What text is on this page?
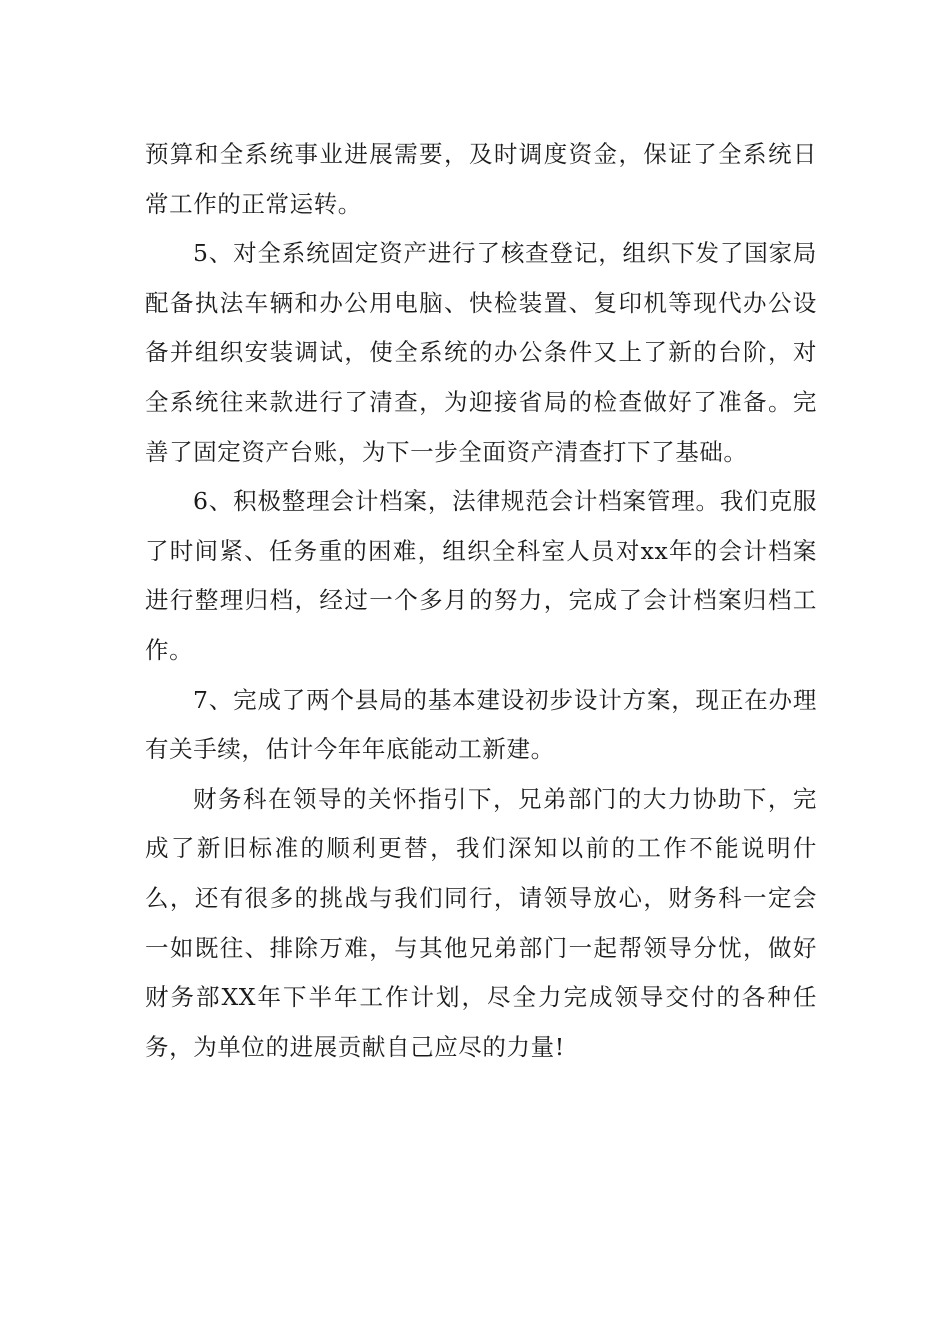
预算和全系统事业进展需要，及时调度资金，保证了全系统日常工作的正常运转。

5、对全系统固定资产进行了核查登记，组织下发了国家局配备执法车辆和办公用电脑、快检装置、复印机等现代办公设备并组织安装调试，使全系统的办公条件又上了新的台阶，对全系统往来款进行了清查，为迎接省局的检查做好了准备。完善了固定资产台账，为下一步全面资产清查打下了基础。

6、积极整理会计档案，法律规范会计档案管理。我们克服了时间紧、任务重的困难，组织全科室人员对xx年的会计档案进行整理归档，经过一个多月的努力，完成了会计档案归档工作。

7、完成了两个县局的基本建设初步设计方案，现正在办理有关手续，估计今年年底能动工新建。

财务科在领导的关怀指引下，兄弟部门的大力协助下，完成了新旧标准的顺利更替，我们深知以前的工作不能说明什么，还有很多的挑战与我们同行，请领导放心，财务科一定会一如既往、排除万难，与其他兄弟部门一起帮领导分忧，做好财务部XX年下半年工作计划，尽全力完成领导交付的各种任务，为单位的进展贡献自己应尽的力量!
